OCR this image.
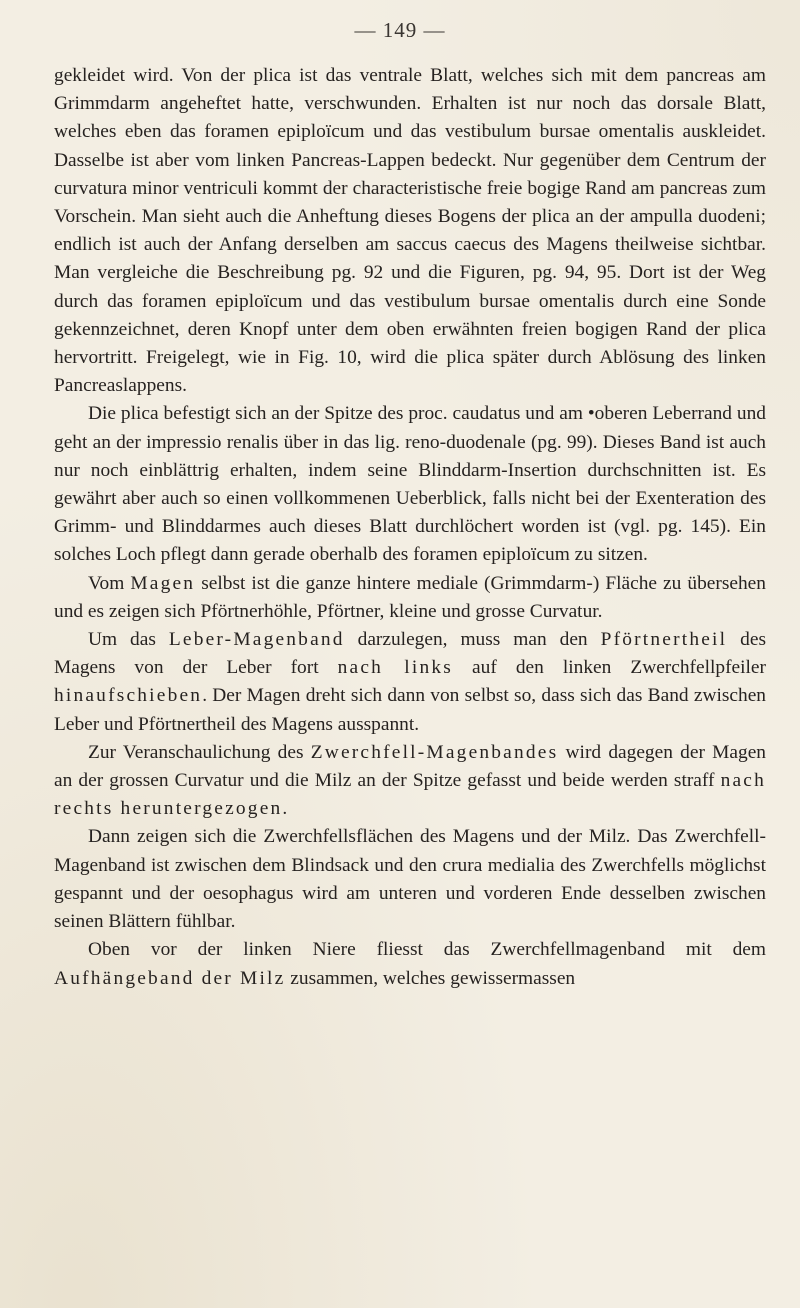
— 149 —

gekleidet wird. Von der plica ist das ventrale Blatt, welches sich mit dem pancreas am Grimmdarm angeheftet hatte, verschwunden. Erhalten ist nur noch das dorsale Blatt, welches eben das foramen epiploïcum und das vestibulum bursae omentalis auskleidet. Dasselbe ist aber vom linken Pancreas-Lappen bedeckt. Nur gegenüber dem Centrum der curvatura minor ventriculi kommt der characteristische freie bogige Rand am pancreas zum Vorschein. Man sieht auch die Anheftung dieses Bogens der plica an der ampulla duodeni; endlich ist auch der Anfang derselben am saccus caecus des Magens theilweise sichtbar. Man vergleiche die Beschreibung pg. 92 und die Figuren, pg. 94, 95. Dort ist der Weg durch das foramen epiploïcum und das vestibulum bursae omentalis durch eine Sonde gekennzeichnet, deren Knopf unter dem oben erwähnten freien bogigen Rand der plica hervortritt. Freigelegt, wie in Fig. 10, wird die plica später durch Ablösung des linken Pancreaslappens.

Die plica befestigt sich an der Spitze des proc. caudatus und am •oberen Leberrand und geht an der impressio renalis über in das lig. reno-duodenale (pg. 99). Dieses Band ist auch nur noch einblättrig erhalten, indem seine Blinddarm-Insertion durchschnitten ist. Es gewährt aber auch so einen vollkommenen Ueberblick, falls nicht bei der Exenteration des Grimm- und Blinddarmes auch dieses Blatt durchlöchert worden ist (vgl. pg. 145). Ein solches Loch pflegt dann gerade oberhalb des foramen epiploïcum zu sitzen.

Vom Magen selbst ist die ganze hintere mediale (Grimmdarm-) Fläche zu übersehen und es zeigen sich Pförtnerhöhle, Pförtner, kleine und grosse Curvatur.

Um das Leber-Magenband darzulegen, muss man den Pförtnertheil des Magens von der Leber fort nach links auf den linken Zwerchfellpfeiler hinaufschieben. Der Magen dreht sich dann von selbst so, dass sich das Band zwischen Leber und Pförtnertheil des Magens ausspannt.

Zur Veranschaulichung des Zwerchfell-Magenbandes wird dagegen der Magen an der grossen Curvatur und die Milz an der Spitze gefasst und beide werden straff nach rechts heruntergezogen.

Dann zeigen sich die Zwerchfellsflächen des Magens und der Milz. Das Zwerchfell-Magenband ist zwischen dem Blindsack und den crura medialia des Zwerchfells möglichst gespannt und der oesophagus wird am unteren und vorderen Ende desselben zwischen seinen Blättern fühlbar.

Oben vor der linken Niere fliesst das Zwerchfellmagenband mit dem Aufhängeband der Milz zusammen, welches gewissermassen
